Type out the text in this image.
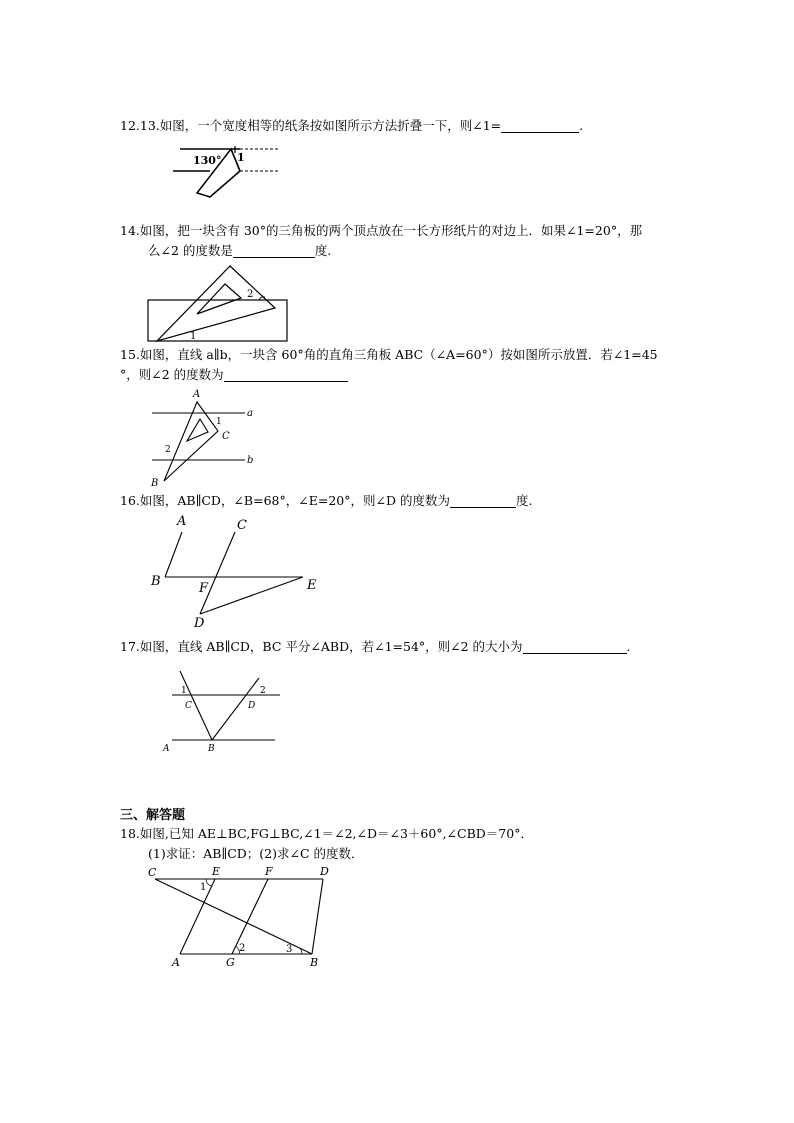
12.13.如图，一个宽度相等的纸条按如图所示方法折叠一下，则∠1=	.
130° 1
14.如图，把一块含有 30°的三角板的两个顶点放在一长方形纸片的对边上．如果∠1=20°，那
么∠2 的度数是	度.
2
1
15.如图，直线 a∥b，一块含 60°角的直角三角板 ABC（∠A=60°）按如图所示放置．若∠1=45
°，则∠2 的度数为
A
C
B
a
b
1
2
16.如图，AB∥CD，∠B=68°，∠E=20°，则∠D 的度数为	度.
A	C
B	F	E
D
17.如图，直线 AB∥CD，BC 平分∠ABD，若∠1=54°，则∠2 的大小为	.
1	2
C	D
A	B
三、解答题
18.如图,已知 AE⊥BC,FG⊥BC,∠1＝∠2,∠D＝∠3＋60°,∠CBD＝70°．
(1)求证：AB∥CD；(2)求∠C 的度数．
C	E	F	D
1
2	3
A	G	B
